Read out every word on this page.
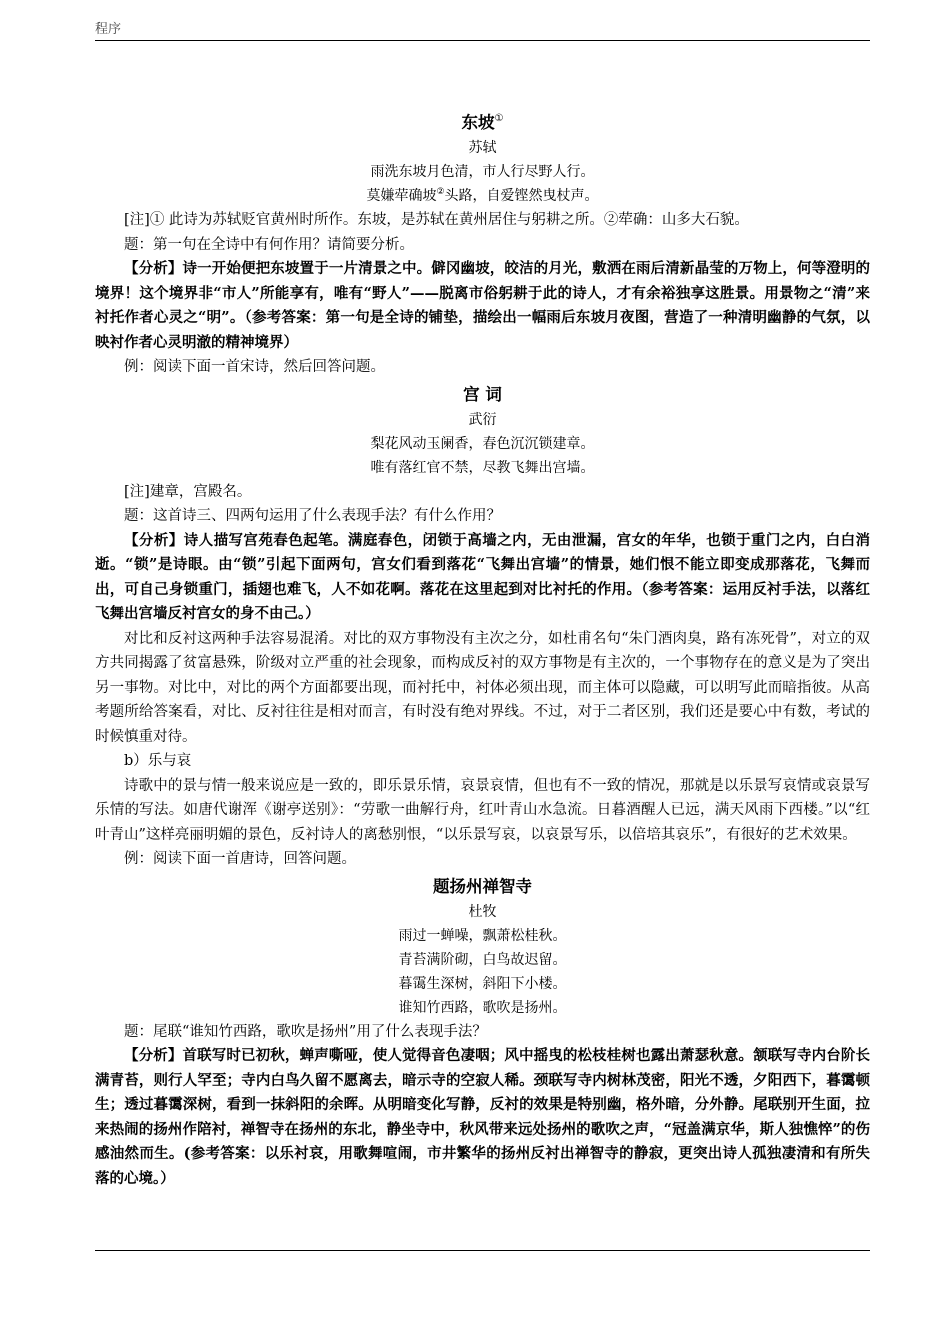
程序
东坡①
苏轼
雨洗东坡月色清，市人行尽野人行。
莫嫌荦确坡②头路，自爱铿然曳杖声。

[注]① 此诗为苏轼贬官黄州时所作。东坡，是苏轼在黄州居住与躬耕之所。②荦确：山多大石貌。

题：第一句在全诗中有何作用？请简要分析。

【分析】诗一开始便把东坡置于一片清景之中。僻冈幽坡，皎洁的月光，敷洒在雨后清新晶莹的万物上，何等澄明的境界！这个境界非“市人”所能享有，唯有“野人”——脱离市俗躬耕于此的诗人，才有余裕独享这胜景。用景物之“清”来衬托作者心灵之“明”。（参考答案：第一句是全诗的铺垫，描绘出一幅雨后东坡月夜图，营造了一种清明幽静的气氛，以映衬作者心灵明澈的精神境界）

例：阅读下面一首宋诗，然后回答问题。

宫 词
武衍
梨花风动玉阑香，春色沉沉锁建章。
唯有落红官不禁，尽教飞舞出宫墙。

[注]建章，宫殿名。

题：这首诗三、四两句运用了什么表现手法？有什么作用？

【分析】诗人描写宫苑春色起笔。满庭春色，闭锁于高墙之内，无由泄漏，宫女的年华，也锁于重门之内，白白消逝。“锁”是诗眼。由“锁”引起下面两句，宫女们看到落花“飞舞出宫墙”的情景，她们恨不能立即变成那落花，飞舞而出，可自己身锁重门，插翅也难飞，人不如花啊。落花在这里起到对比衬托的作用。（参考答案：运用反衬手法，以落红飞舞出宫墙反衬宫女的身不由己。）

对比和反衬这两种手法容易混淆。对比的双方事物没有主次之分，如杜甫名句“朱门酒肉臭，路有冻死骨”，对立的双方共同揭露了贫富悬殊，阶级对立严重的社会现象，而构成反衬的双方事物是有主次的，一个事物存在的意义是为了突出另一事物。对比中，对比的两个方面都要出现，而衬托中，衬体必须出现，而主体可以隐藏，可以明写此而暗指彼。从高考题所给答案看，对比、反衬往往是相对而言，有时没有绝对界线。不过，对于二者区别，我们还是要心中有数，考试的时候慎重对待。

b）乐与哀

诗歌中的景与情一般来说应是一致的，即乐景乐情，哀景哀情，但也有不一致的情况，那就是以乐景写哀情或哀景写乐情的写法。如唐代谢浑《谢亭送别》：“劳歌一曲解行舟，红叶青山水急流。日暮酒醒人已远，满天风雨下西楼。”以“红叶青山”这样亮丽明媚的景色，反衬诗人的离愁别恨，“以乐景写哀，以哀景写乐，以倍培其哀乐”，有很好的艺术效果。

例：阅读下面一首唐诗，回答问题。

题扬州禅智寺
杜牧
雨过一蝉噪，飘萧松桂秋。
青苔满阶砌，白鸟故迟留。
暮霭生深树，斜阳下小楼。
谁知竹西路，歌吹是扬州。

题：尾联“谁知竹西路，歌吹是扬州”用了什么表现手法？

【分析】首联写时已初秋，蝉声嘶哑，使人觉得音色凄咽；风中摇曳的松枝桂树也露出萧瑟秋意。颔联写寺内台阶长满青苔，则行人罕至；寺内白鸟久留不愿离去，暗示寺的空寂人稀。颈联写寺内树林茂密，阳光不透，夕阳西下，暮霭顿生；透过暮霭深树，看到一抹斜阳的余晖。从明暗变化写静，反衬的效果是特别幽，格外暗，分外静。尾联别开生面，拉来热闹的扬州作陪衬，禅智寺在扬州的东北，静坐寺中，秋风带来远处扬州的歌吹之声，“冠盖满京华，斯人独憔悴”的伤感油然而生。(参考答案：以乐衬哀，用歌舞喧闹，市井繁华的扬州反衬出禅智寺的静寂，更突出诗人孤独凄清和有所失落的心境。）
